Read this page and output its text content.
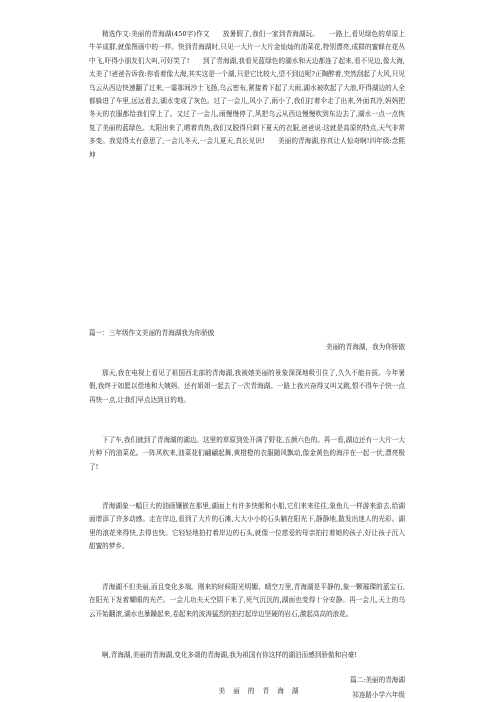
精选作文:美丽的青海湖(450字)作文　　放暑假了,我们一家到青海湖玩。　　一路上,看见绿色的草原上牛羊成群,就像图画中的一样。快到青海湖时,只见一大片一大片金灿灿的油菜花,特别漂亮,成群的蜜蜂在花丛中飞,吓得小朋友们大叫,可好笑了!　　到了青海湖,我看见蓝绿色的湖水和天边都连了起来,看不见边,像大海,太美了!爸爸告诉我:你看着像大海,其实这是一个湖,只是它比较大,望不到边呢?正陶醉着,突然刮起了大风,只见乌云从西边快速翻了过来,一霎那间沙土飞扬,乌云密布,紧接着下起了大雨,湖水被吹起了大浪,吓得湖边的人全都躲进了车里,远远看去,湖水变成了灰色。过了一会儿,风小了,雨小了,我们打着伞走了出来,外面真冷,妈妈把冬天的衣服都给我们穿上了。又过了一会儿,雨慢慢停了,风把乌云从西边慢慢吹到东边去了,湖水一点一点恢复了美丽的蓝绿色。太阳出来了,晒着真热,我们又脱得只剩下夏天的衣服,爸爸说:这就是高原的特点,天气非常多变。我觉得太有意思了,一会儿冬天,一会儿夏天,真长见识!　　美丽的青海湖,你真让人惊奇啊!四年级:念熙坤

篇一：三年级作文美丽的青海湖我为你骄傲

美丽的青海湖，我为你骄傲

那天,我在电视上看见了祖国西北部的青海湖,我被她美丽的景象深深地吸引住了,久久不能自拔。今年暑假,我终于如愿以偿地和大姨妈、还有姐姐一起去了一次青海湖。一路上我兴奋得又叫又跳,恨不得车子快一点再快一点,让我们早点达到目的地。

下了车,我们就到了青海湖的湖边。这里的草原到处开满了野花,五颜六色的。再一看,湖边还有一大片一大片种下的油菜花。一阵风吹来,油菜花们翩翩起舞,黄橙橙的衣服随风飘动,像金黄色的海洋在一起一伏,漂亮极了!

青海湖象一幅巨大的油画镶嵌在那里,湖面上有许多快艇和小船,它们来来往往,象鱼儿一样游来游去,给湖面增添了许多动感。走在岸边,看到了大片的石滩,大大小小的石头躺在阳光下,静静地,散发出迷人的光彩。湖里的浪花来得快,去得也快。它轻轻地拍打着岸边的石头,就像一位慈爱的母亲拍打着她的孩子,好让孩子沉入甜蜜的梦乡。

青海湖不但美丽,而且变化多端。刚来的时候阳光明媚、晴空万里,青海湖是平静的,象一颗璀璨的蓝宝石,在阳光下发着耀眼的光芒。一会儿功夫天空阴下来了,死气沉沉的,湖面也变得十分安静。再一会儿,天上的乌云开始翻滚,湖水也暴躁起来,卷起来的波涛猛烈的拍打起岸边坚硬的岩石,激起高高的浪花。

啊,青海湖,美丽的青海湖,变化多端的青海湖,我为祖国有你这样的湖泊而感到骄傲和自豪!

篇二:美丽的青海湖

美 丽 的 青 海 湖	祁连路小学六年级
